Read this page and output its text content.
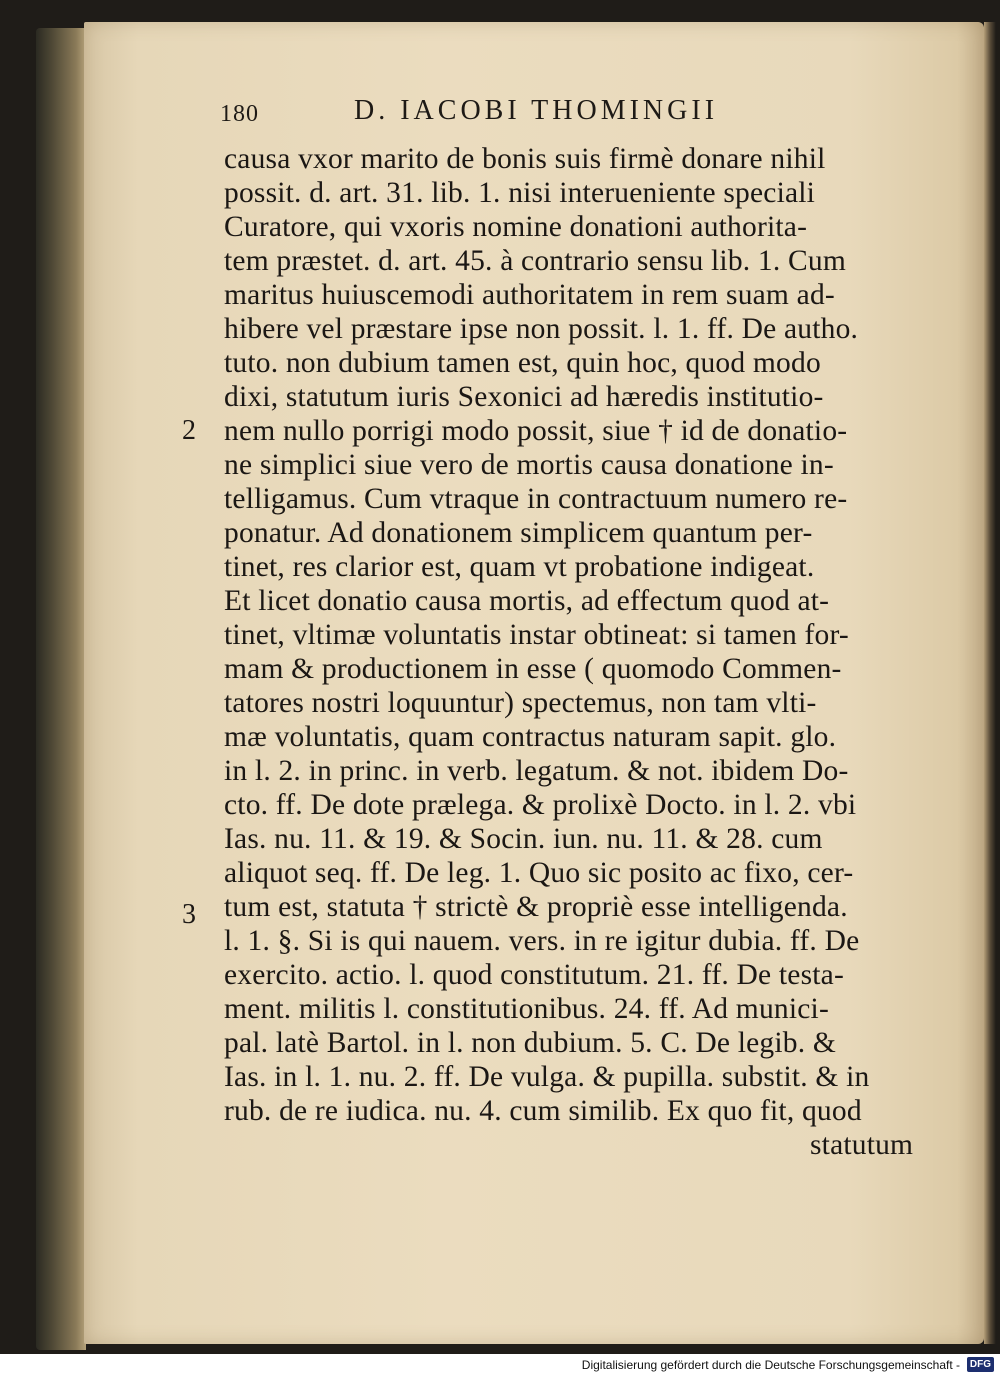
180	D. IACOBI THOMINGII
causa vxor marito de bonis suis firmè donare nihil
possit. d. art. 31. lib. 1. nisi interueniente speciali
Curatore, qui vxoris nomine donationi authorita-
tem præstet. d. art. 45. à contrario sensu lib. 1. Cum
maritus huiuscemodi authoritatem in rem suam ad-
hibere vel præstare ipse non possit. l. 1. ff. De autho.
tuto. non dubium tamen est, quin hoc, quod modo
dixi, statutum iuris Sexonici ad hæredis institutio-
2 nem nullo porrigi modo possit, siue † id de donatio-
ne simplici siue vero de mortis causa donatione in-
telligamus. Cum vtraque in contractuum numero re-
ponatur. Ad donationem simplicem quantum per-
tinet, res clarior est, quam vt probatione indigeat.
Et licet donatio causa mortis, ad effectum quod at-
tinet, vltimæ voluntatis instar obtineat: si tamen for-
mam & productionem in esse ( quomodo Commen-
tatores nostri loquuntur) spectemus, non tam vlti-
mæ voluntatis, quam contractus naturam sapit. glo.
in l. 2. in princ. in verb. legatum. & not. ibidem Do-
cto. ff. De dote prælega. & prolixè Docto. in l. 2. vbi
Ias. nu. 11. & 19. & Socin. iun. nu. 11. & 28. cum
aliquot seq. ff. De leg. 1. Quo sic posito ac fixo, cer-
3 tum est, statuta † strictè & propriè esse intelligenda.
l. 1. §. Si is qui nauem. vers. in re igitur dubia. ff. De
exercito. actio. l. quod constitutum. 21. ff. De testa-
ment. militis l. constitutionibus. 24. ff. Ad munici-
pal. latè Bartol. in l. non dubium. 5. C. De legib. &
Ias. in l. 1. nu. 2. ff. De vulga. & pupilla. substit. & in
rub. de re iudica. nu. 4. cum similib. Ex quo fit, quod
statutum
Digitalisierung gefördert durch die Deutsche Forschungsgemeinschaft - DFG
